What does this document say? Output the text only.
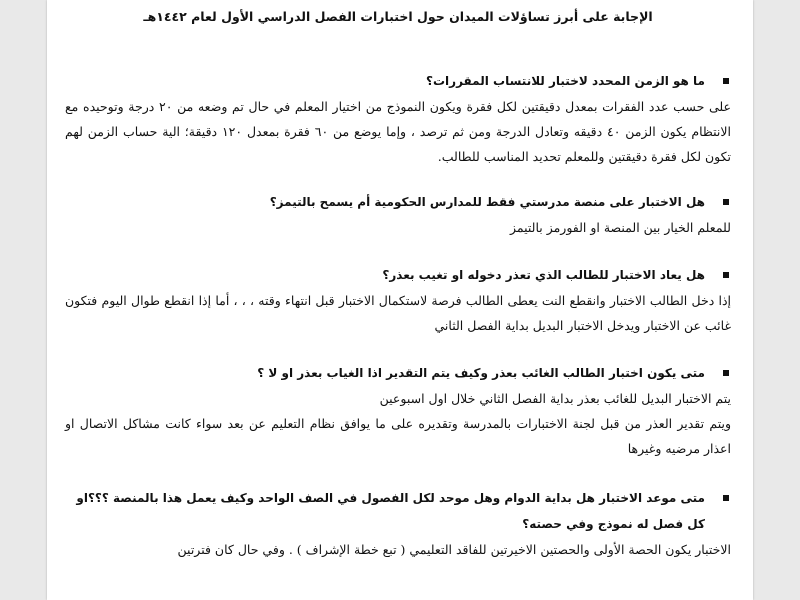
الإجابة على أبرز تساؤلات الميدان حول اختبارات الفصل الدراسي الأول لعام ١٤٤٢هـ
ما هو الزمن المحدد لاختبار للانتساب المقررات؟

على حسب عدد الفقرات بمعدل دقيقتين لكل فقرة ويكون النموذج من اختيار المعلم في حال تم وضعه من ٢٠ درجة وتوحيده مع الانتظام يكون الزمن ٤٠ دقيقه وتعادل الدرجة ومن ثم ترصد ، وإما يوضع من ٦٠ فقرة بمعدل ١٢٠ دقيقة؛ الية حساب الزمن لهم تكون لكل فقرة دقيقتين وللمعلم تحديد المناسب للطالب.

هل الاختبار على منصة مدرستي فقط للمدارس الحكومية أم يسمح بالتيمز؟

للمعلم الخيار بين المنصة او الفورمز بالتيمز

هل يعاد الاختبار للطالب الذي تعذر دخوله او تغيب بعذر؟

إذا دخل الطالب الاختبار وانقطع النت يعطى الطالب فرصة لاستكمال الاختبار قبل انتهاء وقته ، ، ، أما إذا انقطع طوال اليوم فتكون غائب عن الاختبار ويدخل الاختبار البديل بداية الفصل الثاني

متى يكون اختبار الطالب الغائب بعذر وكيف يتم التقدير اذا الغياب بعذر او لا ؟

يتم الاختبار البديل للغائب بعذر بداية الفصل الثاني خلال اول اسبوعين

ويتم تقدير العذر من قبل لجنة الاختبارات بالمدرسة وتقديره على ما يوافق نظام التعليم عن بعد سواء كانت مشاكل الاتصال او اعذار مرضيه وغيرها

متى موعد الاختبار هل بداية الدوام وهل موحد لكل الفصول في الصف الواحد وكيف يعمل هذا بالمنصة ؟؟؟او كل فصل له نموذج وفي حصته؟

الاختبار يكون الحصة الأولى والحصتين الاخيرتين للفاقد التعليمي ( تبع خطة الإشراف ) . وفي حال كان فترتين
